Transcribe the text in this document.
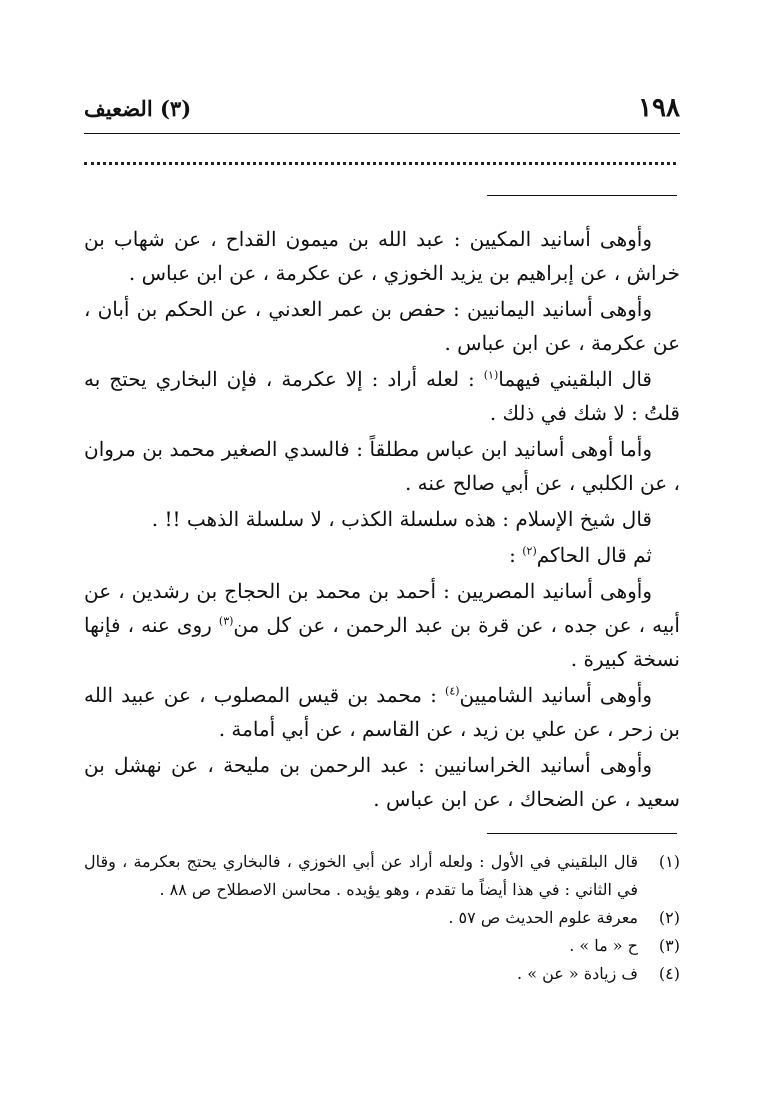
١٩٨
(٣) الضعيف

وأوهى أسانيد المكيين : عبد الله بن ميمون القداح ، عن شهاب بن خراش ، عن إبراهيم بن يزيد الخوزي ، عن عكرمة ، عن ابن عباس .

وأوهى أسانيد اليمانيين : حفص بن عمر العدني ، عن الحكم بن أبان ، عن عكرمة ، عن ابن عباس .

قال البلقيني فيهما$^{(١)}$ : لعله أراد : إلا عكرمة ، فإن البخاري يحتج به قلتُ : لا شك في ذلك .

وأما أوهى أسانيد ابن عباس مطلقاً : فالسدي الصغير محمد بن مروان ، عن الكلبي ، عن أبي صالح عنه .

قال شيخ الإسلام : هذه سلسلة الكذب ، لا سلسلة الذهب !! .

ثم قال الحاكم$^{(٢)}$ :

وأوهى أسانيد المصريين : أحمد بن محمد بن الحجاج بن رشدين ، عن أبيه ، عن جده ، عن قرة بن عبد الرحمن ، عن كل من$^{(٣)}$ روى عنه ، فإنها نسخة كبيرة .

وأوهى أسانيد الشاميين$^{(٤)}$ : محمد بن قيس المصلوب ، عن عبيد الله بن زحر ، عن علي بن زيد ، عن القاسم ، عن أبي أمامة .

وأوهى أسانيد الخراسانيين : عبد الرحمن بن مليحة ، عن نهشل بن سعيد ، عن الضحاك ، عن ابن عباس .

(١)
قال البلقيني في الأول : ولعله أراد عن أبي الخوزي ، فالبخاري يحتج بعكرمة ، وقال في الثاني : في هذا أيضاً ما تقدم ، وهو يؤيده . محاسن الاصطلاح ص ٨٨ .
(٢)
معرفة علوم الحديث ص ٥٧ .
(٣)
ح « ما » .
(٤)
ف زيادة « عن » .
